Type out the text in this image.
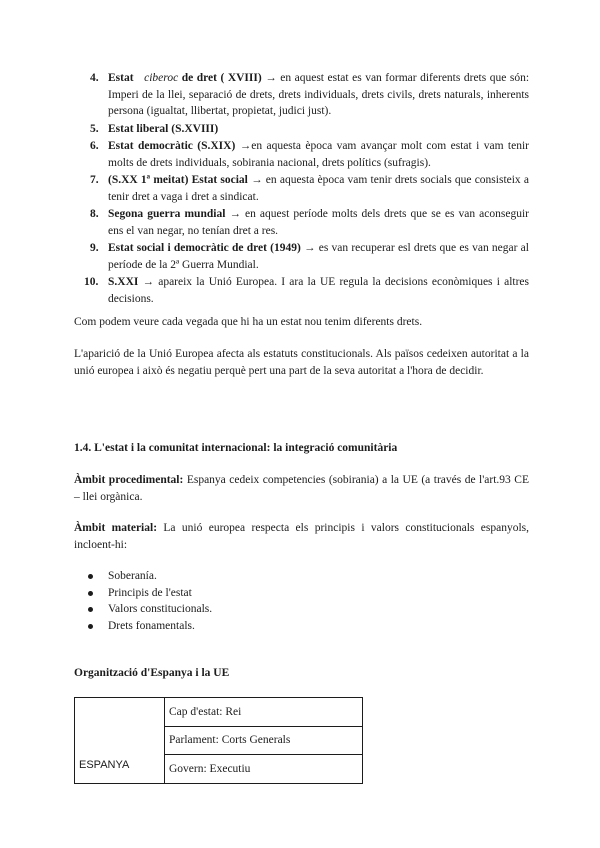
4. Estat ciberoc de dret ( XVIII) → en aquest estat es van formar diferents drets que són: Imperi de la llei, separació de drets, drets individuals, drets civils, drets naturals, inherents persona (igualtat, llibertat, propietat, judici just).
5. Estat liberal (S.XVIII)
6. Estat democràtic (S.XIX) →en aquesta època vam avançar molt com estat i vam tenir molts de drets individuals, sobirania nacional, drets polítics (sufragis).
7. (S.XX 1ª meitat) Estat social → en aquesta època vam tenir drets socials que consisteix a tenir dret a vaga i dret a sindicat.
8. Segona guerra mundial → en aquest període molts dels drets que se es van aconseguir ens el van negar, no tenían dret a res.
9. Estat social i democràtic de dret (1949) → es van recuperar esl drets que es van negar al període de la 2ª Guerra Mundial.
10. S.XXI → apareix la Unió Europea. I ara la UE regula la decisions econòmiques i altres decisions.

Com podem veure cada vegada que hi ha un estat nou tenim diferents drets.

L'aparició de la Unió Europea afecta als estatuts constitucionals. Als països cedeixen autoritat a la unió europea i això és negatiu perquè pert una part de la seva autoritat a l'hora de decidir.

1.4. L'estat i la comunitat internacional: la integració comunitària

Àmbit procedimental: Espanya cedeix competencies (sobirania) a la UE (a través de l'art.93 CE – llei orgànica.

Àmbit material: La unió europea respecta els principis i valors constitucionals espanyols, incloent-hi:

Soberanía.
Principis de l'estat
Valors constitucionals.
Drets fonamentals.

Organització d'Espanya i la UE

ESPANYA	Cap d'estat: Rei
Parlament: Corts Generals
Govern: Executiu
